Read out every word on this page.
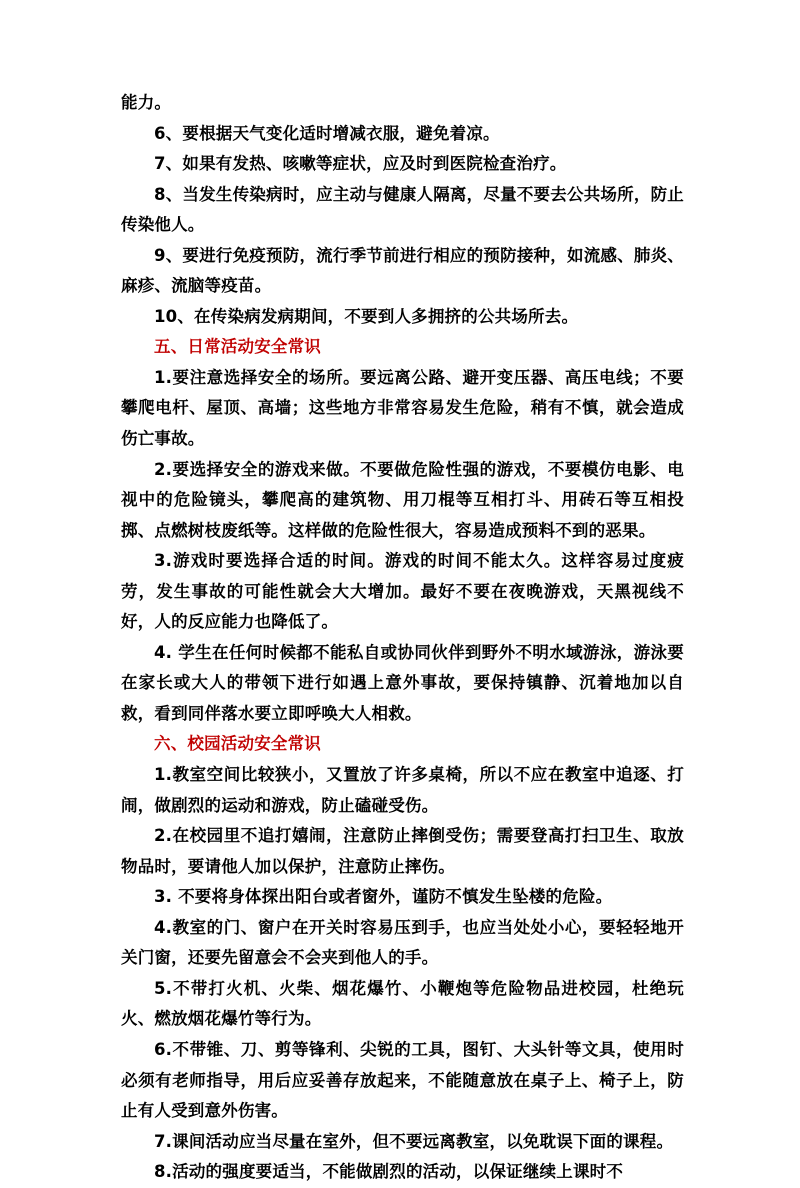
能力。

6、要根据天气变化适时增减衣服，避免着凉。

7、如果有发热、咳嗽等症状，应及时到医院检查治疗。

8、当发生传染病时，应主动与健康人隔离，尽量不要去公共场所，防止传染他人。

9、要进行免疫预防，流行季节前进行相应的预防接种，如流感、肺炎、麻疹、流脑等疫苗。

10、在传染病发病期间，不要到人多拥挤的公共场所去。

五、日常活动安全常识

1.要注意选择安全的场所。要远离公路、避开变压器、高压电线；不要攀爬电杆、屋顶、高墙；这些地方非常容易发生危险，稍有不慎，就会造成伤亡事故。

2.要选择安全的游戏来做。不要做危险性强的游戏，不要模仿电影、电视中的危险镜头，攀爬高的建筑物、用刀棍等互相打斗、用砖石等互相投掷、点燃树枝废纸等。这样做的危险性很大，容易造成预料不到的恶果。

3.游戏时要选择合适的时间。游戏的时间不能太久。这样容易过度疲劳，发生事故的可能性就会大大增加。最好不要在夜晚游戏，天黑视线不好，人的反应能力也降低了。

4. 学生在任何时候都不能私自或协同伙伴到野外不明水域游泳，游泳要在家长或大人的带领下进行如遇上意外事故，要保持镇静、沉着地加以自救，看到同伴落水要立即呼唤大人相救。

六、校园活动安全常识

1.教室空间比较狭小，又置放了许多桌椅，所以不应在教室中追逐、打闹，做剧烈的运动和游戏，防止磕碰受伤。

2.在校园里不追打嬉闹，注意防止摔倒受伤；需要登高打扫卫生、取放物品时，要请他人加以保护，注意防止摔伤。

3. 不要将身体探出阳台或者窗外，谨防不慎发生坠楼的危险。

4.教室的门、窗户在开关时容易压到手，也应当处处小心，要轻轻地开关门窗，还要先留意会不会夹到他人的手。

5.不带打火机、火柴、烟花爆竹、小鞭炮等危险物品进校园，杜绝玩火、燃放烟花爆竹等行为。

6.不带锥、刀、剪等锋利、尖锐的工具，图钉、大头针等文具，使用时必须有老师指导，用后应妥善存放起来，不能随意放在桌子上、椅子上，防止有人受到意外伤害。

7.课间活动应当尽量在室外，但不要远离教室，以免耽误下面的课程。

8.活动的强度要适当，不能做剧烈的活动，以保证继续上课时不
